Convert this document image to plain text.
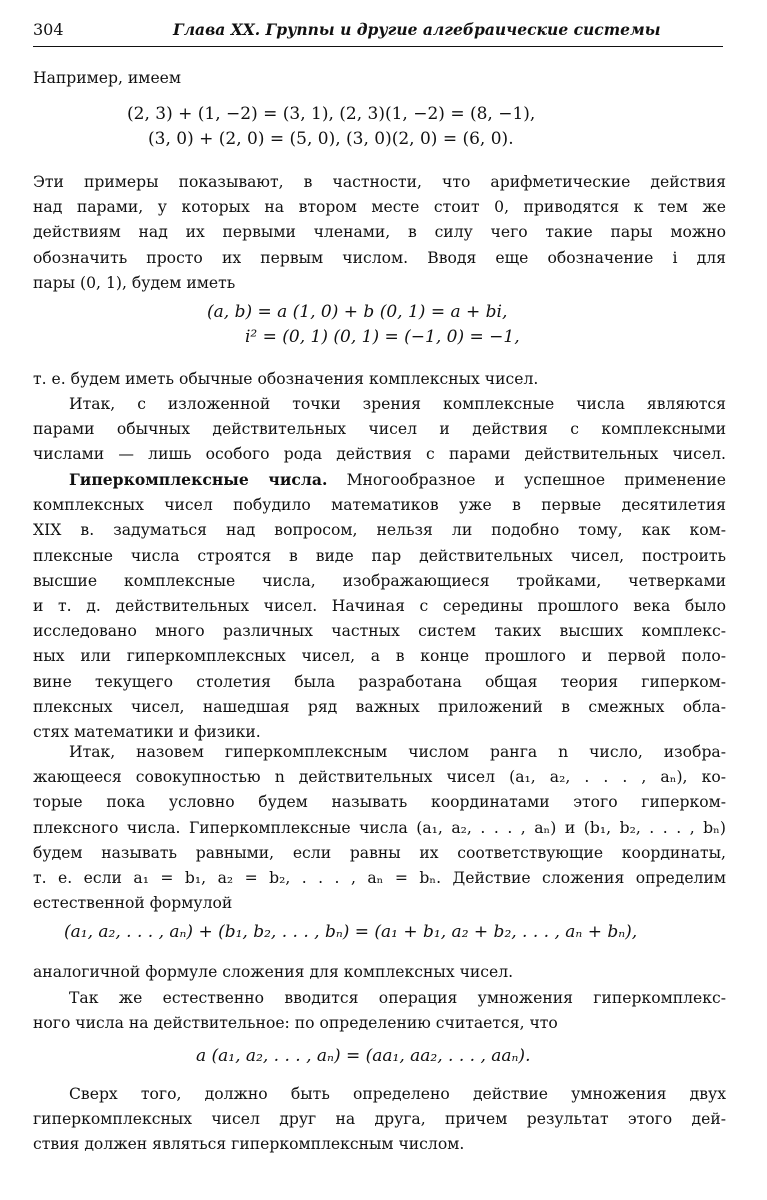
304	Глава XX. Группы и другие алгебраические системы
Например, имеем
(2, 3) + (1, −2) = (3, 1), (2, 3)(1, −2) = (8, −1),
(3, 0) + (2, 0) = (5, 0), (3, 0)(2, 0) = (6, 0).
Эти примеры показывают, в частности, что арифметические действия
над парами, у которых на втором месте стоит 0, приводятся к тем же
действиям над их первыми членами, в силу чего такие пары можно
обозначить просто их первым числом. Вводя еще обозначение i для
пары (0, 1), будем иметь
(a, b) = a (1, 0) + b (0, 1) = a + bi,
i² = (0, 1) (0, 1) = (−1, 0) = −1,
т. е. будем иметь обычные обозначения комплексных чисел.
Итак, с изложенной точки зрения комплексные числа являются
парами обычных действительных чисел и действия с комплексными
числами — лишь особого рода действия с парами действительных чисел.
Гиперкомплексные числа. Многообразное и успешное применение
комплексных чисел побудило математиков уже в первые десятилетия
XIX в. задуматься над вопросом, нельзя ли подобно тому, как ком-
плексные числа строятся в виде пар действительных чисел, построить
высшие комплексные числа, изображающиеся тройками, четверками
и т. д. действительных чисел. Начиная с середины прошлого века было
исследовано много различных частных систем таких высших комплекс-
ных или гиперкомплексных чисел, а в конце прошлого и первой поло-
вине текущего столетия была разработана общая теория гиперком-
плексных чисел, нашедшая ряд важных приложений в смежных обла-
стях математики и физики.
Итак, назовем гиперкомплексным числом ранга n число, изобра-
жающееся совокупностью n действительных чисел (a₁, a₂, . . . , aₙ), ко-
торые пока условно будем называть координатами этого гиперком-
плексного числа. Гиперкомплексные числа (a₁, a₂, . . . , aₙ) и (b₁, b₂, . . . , bₙ)
будем называть равными, если равны их соответствующие координаты,
т. е. если a₁ = b₁, a₂ = b₂, . . . , aₙ = bₙ. Действие сложения определим
естественной формулой
(a₁, a₂, . . . , aₙ) + (b₁, b₂, . . . , bₙ) = (a₁ + b₁, a₂ + b₂, . . . , aₙ + bₙ),
аналогичной формуле сложения для комплексных чисел.
Так же естественно вводится операция умножения гиперкомплекс-
ного числа на действительное: по определению считается, что
a (a₁, a₂, . . . , aₙ) = (aa₁, aa₂, . . . , aaₙ).
Сверх того, должно быть определено действие умножения двух
гиперкомплексных чисел друг на друга, причем результат этого дей-
ствия должен являться гиперкомплексным числом.
